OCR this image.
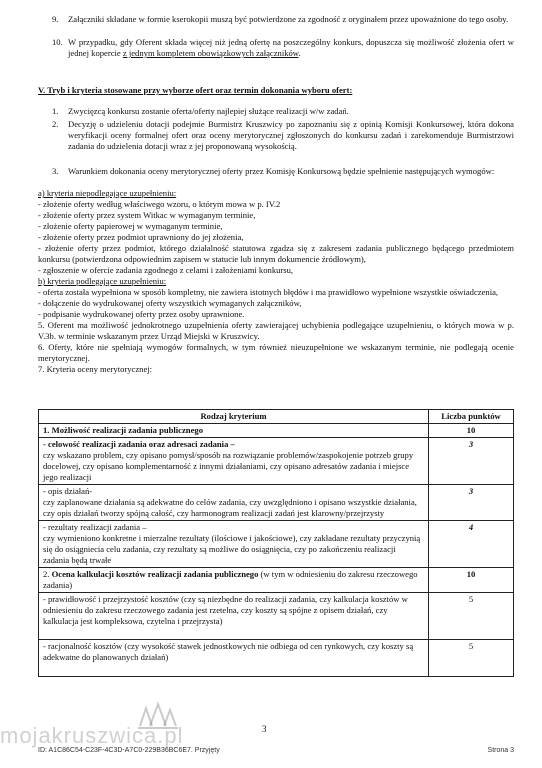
9.	Załączniki składane w formie kserokopii muszą być potwierdzone za zgodność z oryginałem przez upoważnione do tego osoby.

10. W przypadku, gdy Oferent składa więcej niż jedną ofertę na poszczególny konkurs, dopuszcza się możliwość złożenia ofert w jednej kopercie z jednym kompletem obowiązkowych załączników.

V. Tryb i kryteria stosowane przy wyborze ofert oraz termin dokonania wyboru ofert:
1.	Zwycięzcą konkursu zostanie oferta/oferty najlepiej służące realizacji w/w zadań.

2.	Decyzję o udzieleniu dotacji podejmie Burmistrz Kruszwicy po zapoznaniu się z opinią Komisji Konkursowej, która dokona weryfikacji oceny formalnej ofert oraz oceny merytorycznej zgłoszonych do konkursu zadań i zarekomenduje Burmistrzowi zadania do udzielenia dotacji wraz z jej proponowaną wysokością.

3.	Warunkiem dokonania oceny merytorycznej oferty przez Komisję Konkursową będzie spełnienie następujących wymogów:

a) kryteria niepodlegające uzupełnieniu:

- złożenie oferty według właściwego wzoru, o którym mowa w p. IV.2

- złożenie oferty przez system Witkac w wymaganym terminie,

- złożenie oferty papierowej w wymaganym terminie,

- złożenie oferty przez podmiot uprawniony do jej złożenia,

- złożenie oferty przez podmiot, którego działalność statutowa zgadza się z zakresem zadania publicznego będącego przedmiotem konkursu (potwierdzona odpowiednim zapisem w statucie lub innym dokumencie źródłowym),

- zgłoszenie w ofercie zadania zgodnego z celami i założeniami konkursu,

b) kryteria podlegające uzupełnieniu:

- oferta została wypełniona w sposób kompletny, nie zawiera istotnych błędów i ma prawidłowo wypełnione wszystkie oświadczenia,

- dołączenie do wydrukowanej oferty wszystkich wymaganych załączników,

- podpisanie wydrukowanej oferty przez osoby uprawnione.

5. Oferent ma możliwość jednokrotnego uzupełnienia oferty zawierającej uchybienia podlegające uzupełnieniu, o których mowa w p. V.3b. w terminie wskazanym przez Urząd Miejski w Kruszwicy.

6. Oferty, które nie spełniają wymogów formalnych, w tym również nieuzupełnione we wskazanym terminie, nie podlegają ocenie merytorycznej.

7. Kryteria oceny merytorycznej:

Rodzaj kryterium	Liczba punktów
1. Możliwość realizacji zadania publicznego	10

- celowość realizacji zadania oraz adresaci zadania –
czy wskazano problem, czy opisano pomysł/sposób na rozwiązanie problemów/zaspokojenie potrzeb grupy docelowej, czy opisano komplementarność z innymi działaniami, czy opisano adresatów zadania i miejsce jego realizacji	3

- opis działań-
czy zaplanowane działania są adekwatne do celów zadania, czy uwzględniono i opisano wszystkie działania, czy opis działań tworzy spójną całość, czy harmonogram realizacji zadań jest klarowny/przejrzysty	3

- rezultaty realizacji zadania –
czy wymieniono konkretne i mierzalne rezultaty (ilościowe i jakościowe), czy zakładane rezultaty przyczynią się do osiągniecia celu zadania, czy rezultaty są możliwe do osiągnięcia, czy po zakończeniu realizacji zadania będą trwałe	4
2. Ocena kalkulacji kosztów realizacji zadania publicznego (w tym w odniesieniu do zakresu rzeczowego zadania)	10
- prawidłowość i przejrzystość kosztów (czy są niezbędne do realizacji zadania, czy kalkulacja kosztów w odniesieniu do zakresu rzeczowego zadania jest rzetelna, czy koszty są spójne z opisem działań, czy kalkulacja jest kompleksowa, czytelna i przejrzysta)	5
- racjonalność kosztów (czy wysokość stawek jednostkowych nie odbiega od cen rynkowych, czy koszty są adekwatne do planowanych działań)	5
3
ID: A1C86C54-C23F-4C3D-A7C0-229B36BC6E7. Przyjęty	Strona 3
mojakruszwica.pl
